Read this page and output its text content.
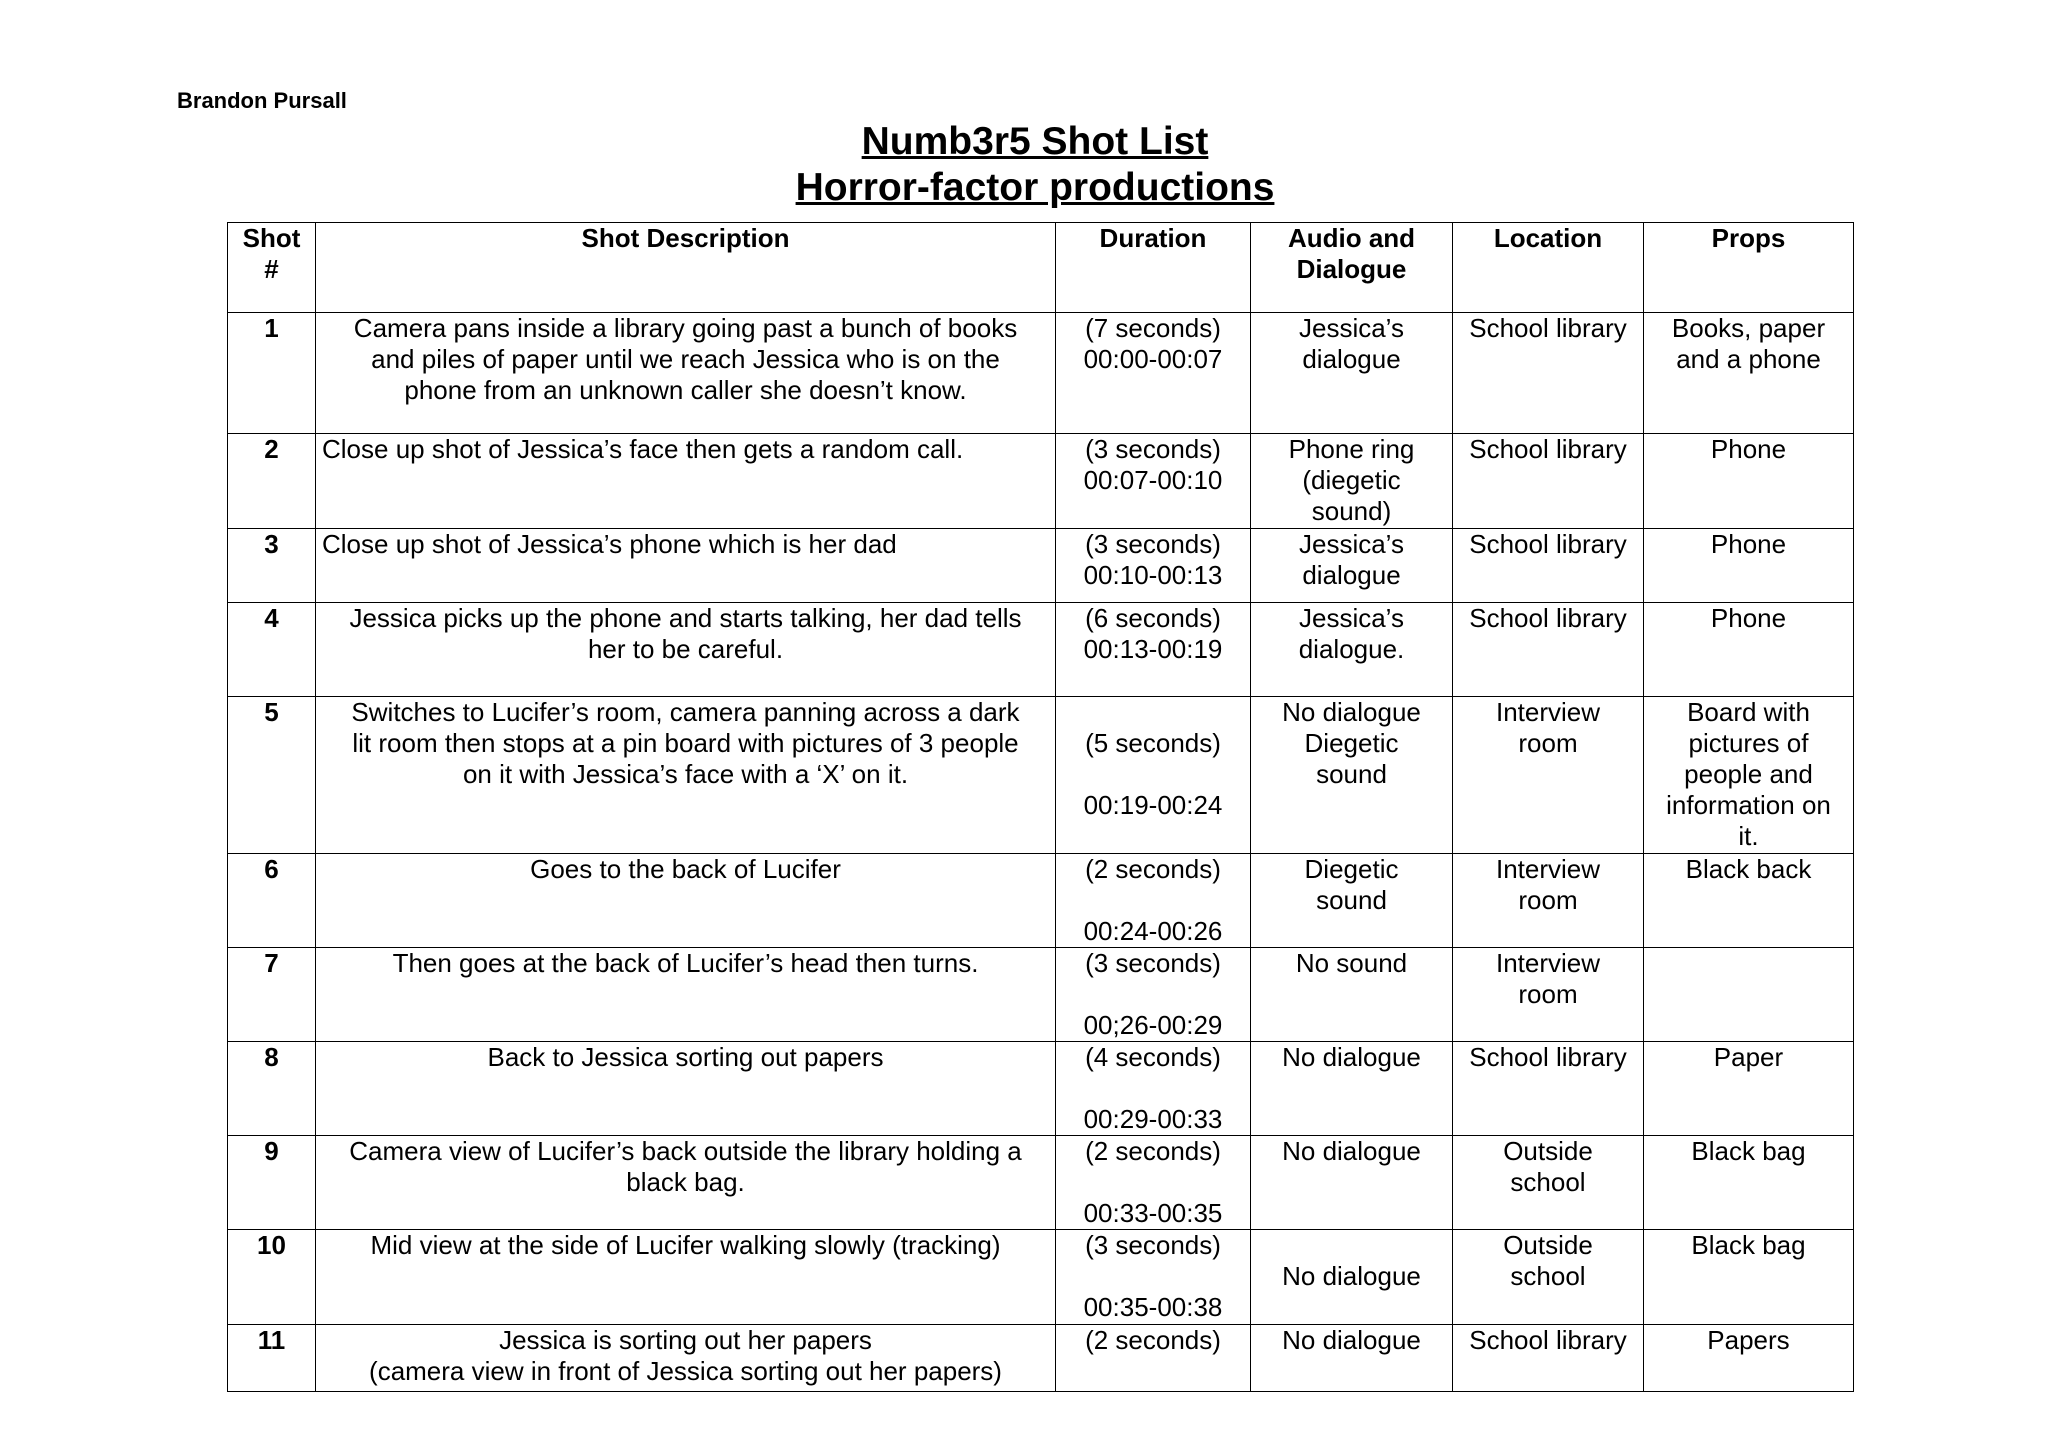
Brandon Pursall
Numb3r5 Shot List
Horror-factor productions
Shot
#	Shot Description	Duration	Audio and
Dialogue	Location	Props
1	Camera pans inside a library going past a bunch of books
and piles of paper until we reach Jessica who is on the
phone from an unknown caller she doesn’t know.	(7 seconds)
00:00-00:07	Jessica’s
dialogue	School library	Books, paper
and a phone

2	Close up shot of Jessica’s face then gets a random call.	(3 seconds)
00:07-00:10	Phone ring
(diegetic
sound)	School library	Phone

3	Close up shot of Jessica’s phone which is her dad	(3 seconds)
00:10-00:13	Jessica’s
dialogue	School library	Phone

4	Jessica picks up the phone and starts talking, her dad tells
her to be careful.	(6 seconds)
00:13-00:19	Jessica’s
dialogue.	School library	Phone

5	Switches to Lucifer’s room, camera panning across a dark
lit room then stops at a pin board with pictures of 3 people
on it with Jessica’s face with a ‘X’ on it.	(5 seconds)
00:19-00:24	No dialogue
Diegetic
sound	Interview
room	Board with
pictures of
people and
information on
it.

6	Goes to the back of Lucifer	(2 seconds)
00:24-00:26	Diegetic
sound	Interview
room	Black back

7	Then goes at the back of Lucifer’s head then turns.	(3 seconds)
00;26-00:29	No sound	Interview
room	

8	Back to Jessica sorting out papers	(4 seconds)
00:29-00:33	No dialogue	School library	Paper

9	Camera view of Lucifer’s back outside the library holding a
black bag.	(2 seconds)
00:33-00:35	No dialogue	Outside
school	Black bag

10	Mid view at the side of Lucifer walking slowly (tracking)	(3 seconds)
00:35-00:38	No dialogue	Outside
school	Black bag

11	Jessica is sorting out her papers
(camera view in front of Jessica sorting out her papers)	(2 seconds)	No dialogue	School library	Papers
